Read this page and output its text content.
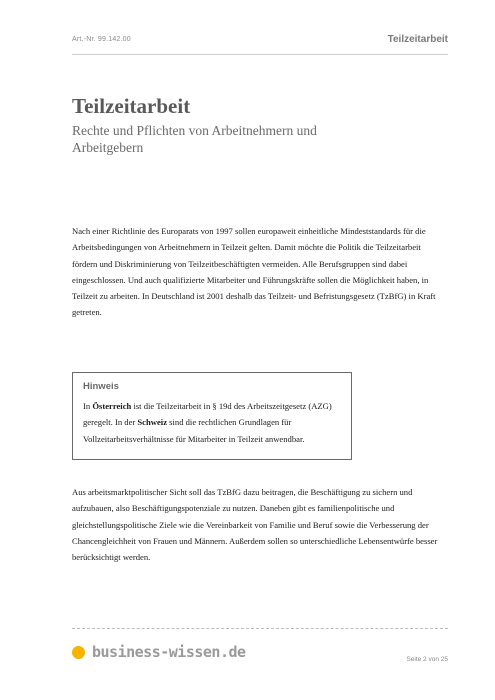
Art.-Nr. 99.142.00	Teilzeitarbeit
Teilzeitarbeit

Rechte und Pflichten von Arbeitnehmern und Arbeitgebern

Nach einer Richtlinie des Europarats von 1997 sollen europaweit einheitliche Mindeststandards für die Arbeitsbedingungen von Arbeitnehmern in Teilzeit gelten. Damit möchte die Politik die Teilzeitarbeit fördern und Diskriminierung von Teilzeitbeschäftigten vermeiden. Alle Berufsgruppen sind dabei eingeschlossen. Und auch qualifizierte Mitarbeiter und Führungskräfte sollen die Möglichkeit haben, in Teilzeit zu arbeiten. In Deutschland ist 2001 deshalb das Teilzeit- und Befristungsgesetz (TzBfG) in Kraft getreten.

Hinweis

In Österreich ist die Teilzeitarbeit in § 19d des Arbeitszeitgesetz (AZG) geregelt. In der Schweiz sind die rechtlichen Grundlagen für Vollzeitarbeitsverhältnisse für Mitarbeiter in Teilzeit anwendbar.

Aus arbeitsmarktpolitischer Sicht soll das TzBfG dazu beitragen, die Beschäftigung zu sichern und aufzubauen, also Beschäftigungspotenziale zu nutzen. Daneben gibt es familienpolitische und gleichstellungspolitische Ziele wie die Vereinbarkeit von Familie und Beruf sowie die Verbesserung der Chancengleichheit von Frauen und Männern. Außerdem sollen so unterschiedliche Lebensentwürfe besser berücksichtigt werden.

business-wissen.de	Seite 2 von 25
